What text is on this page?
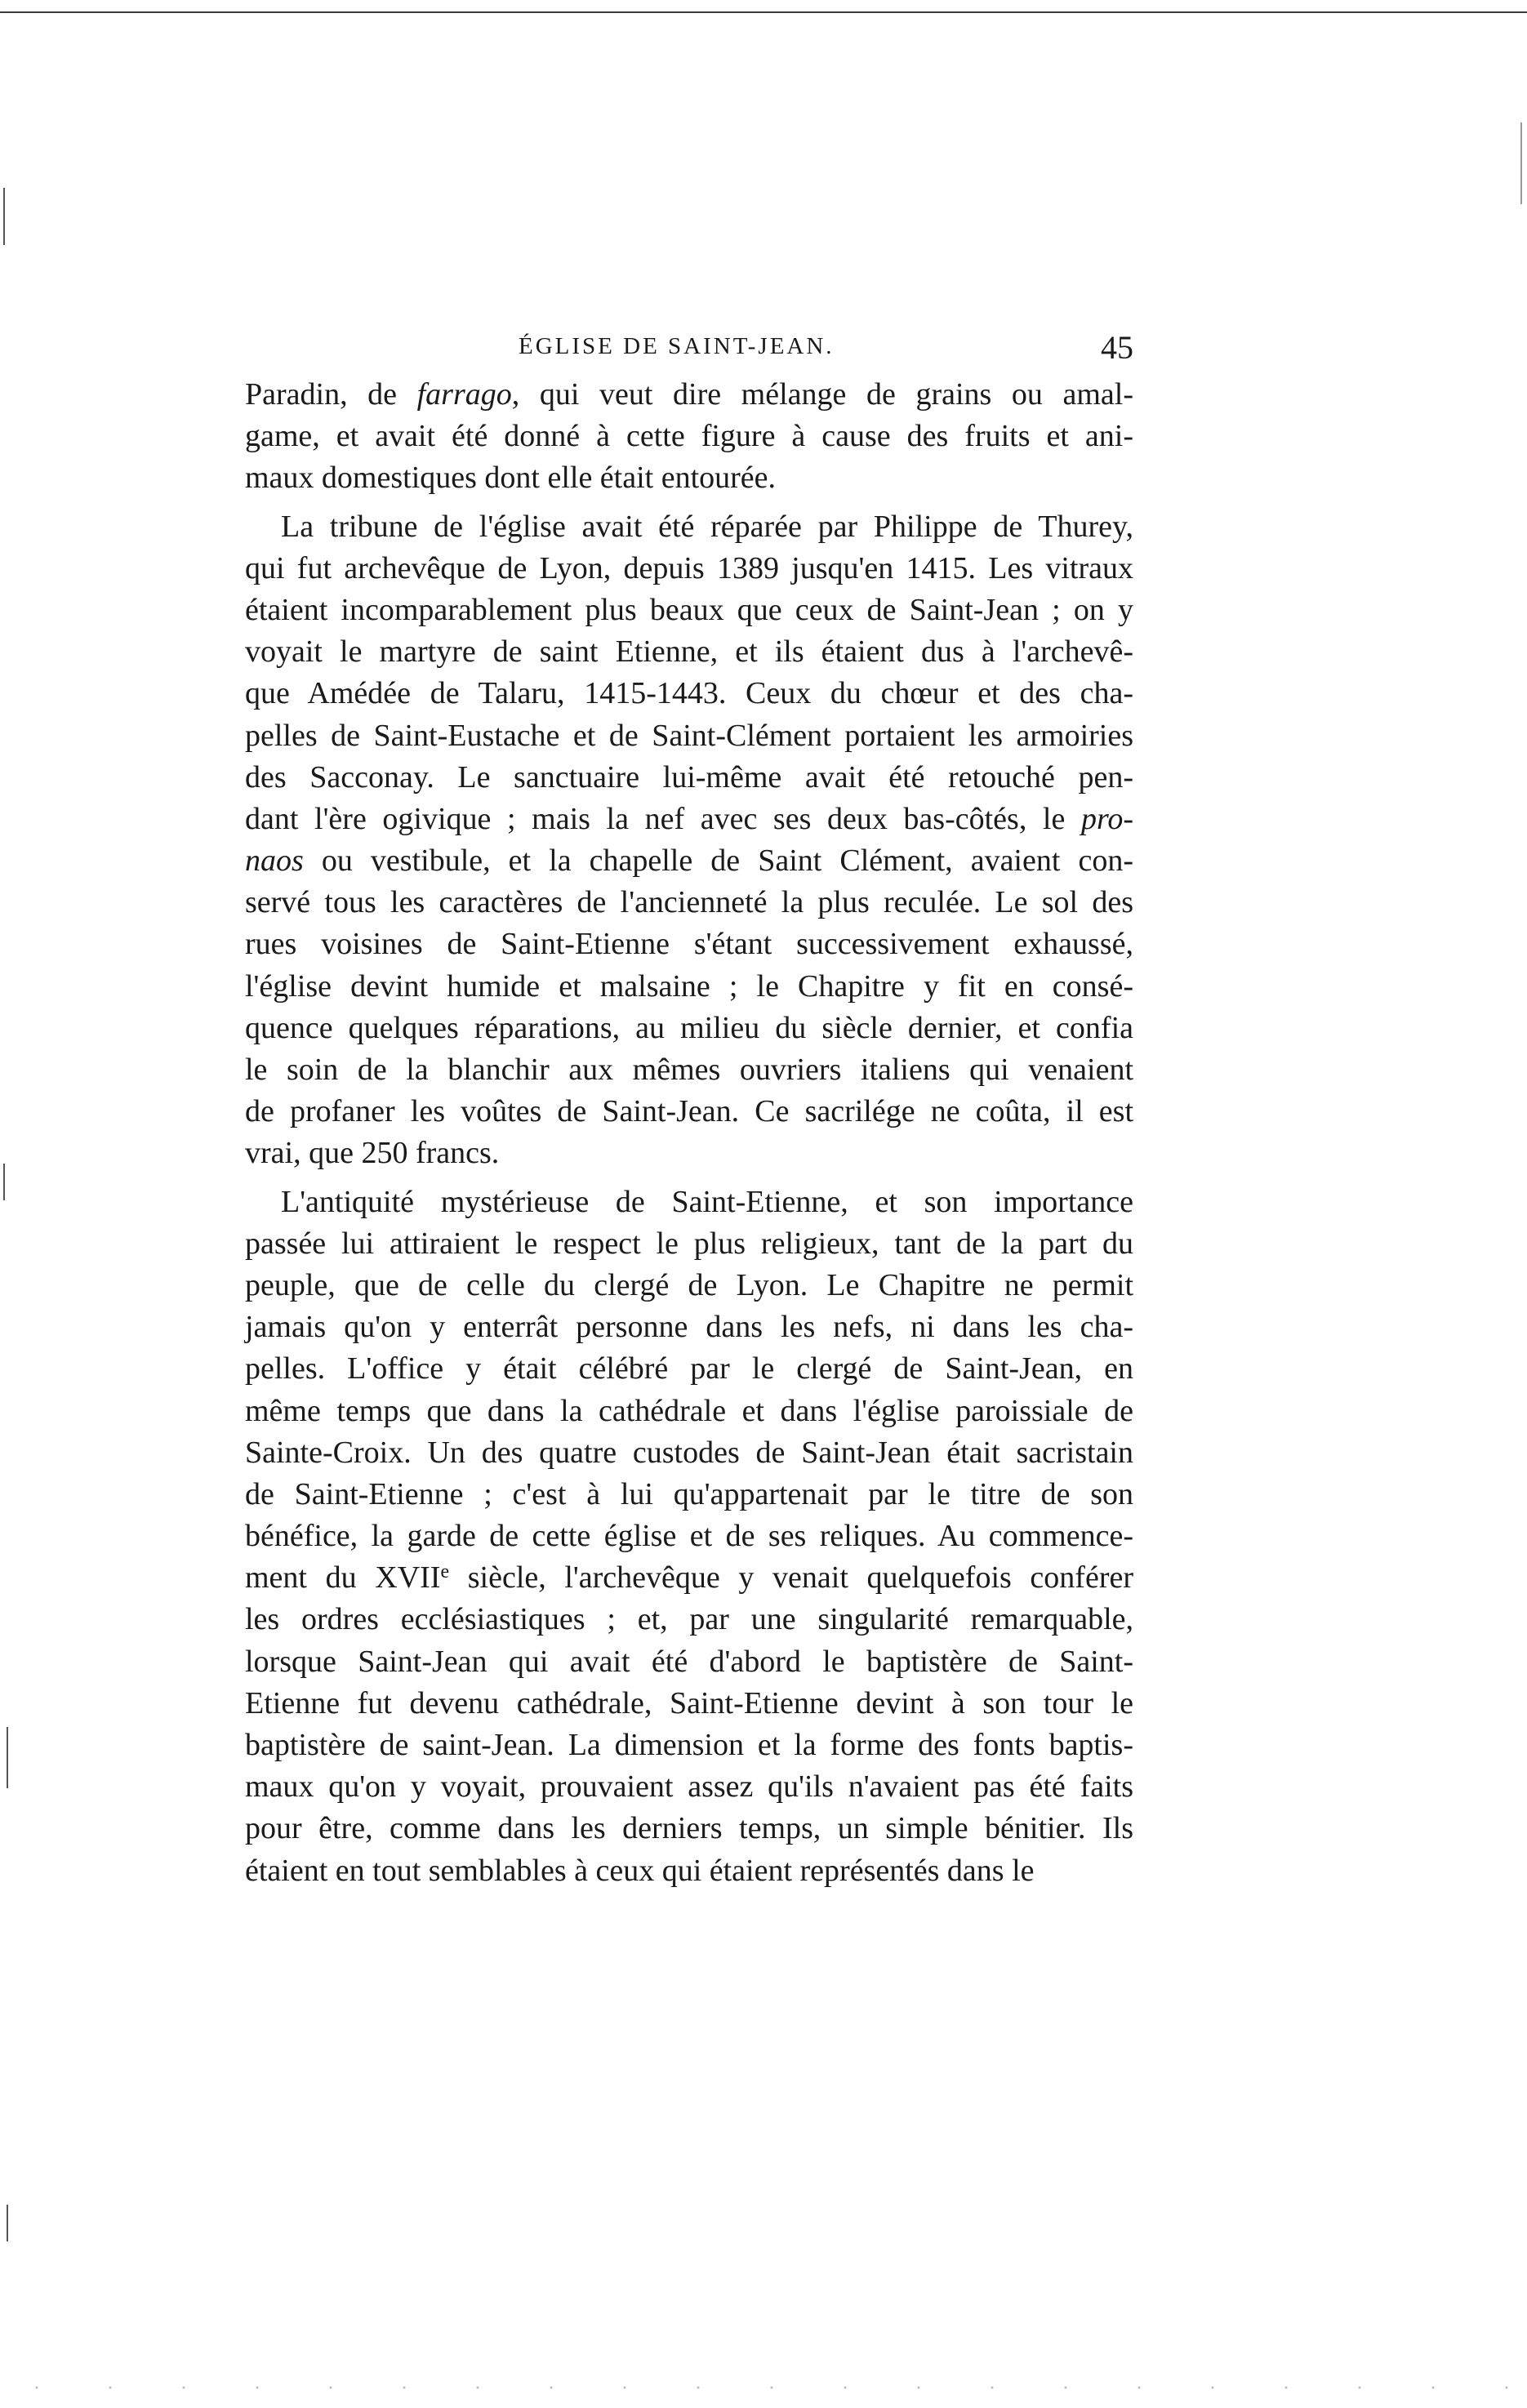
ÉGLISE DE SAINT-JEAN.	45
Paradin, de farrago, qui veut dire mélange de grains ou amal-
game, et avait été donné à cette figure à cause des fruits et ani-
maux domestiques dont elle était entourée.
La tribune de l'église avait été réparée par Philippe de Thurey,
qui fut archevêque de Lyon, depuis 1389 jusqu'en 1415. Les vitraux
étaient incomparablement plus beaux que ceux de Saint-Jean ; on y
voyait le martyre de saint Etienne, et ils étaient dus à l'archevê-
que Amédée de Talaru, 1415-1443. Ceux du chœur et des cha-
pelles de Saint-Eustache et de Saint-Clément portaient les armoiries
des Sacconay. Le sanctuaire lui-même avait été retouché pen-
dant l'ère ogivique ; mais la nef avec ses deux bas-côtés, le pro-
naos ou vestibule, et la chapelle de Saint Clément, avaient con-
servé tous les caractères de l'ancienneté la plus reculée. Le sol des
rues voisines de Saint-Etienne s'étant successivement exhaussé,
l'église devint humide et malsaine ; le Chapitre y fit en consé-
quence quelques réparations, au milieu du siècle dernier, et confia
le soin de la blanchir aux mêmes ouvriers italiens qui venaient
de profaner les voûtes de Saint-Jean. Ce sacrilége ne coûta, il est
vrai, que 250 francs.
L'antiquité mystérieuse de Saint-Etienne, et son importance
passée lui attiraient le respect le plus religieux, tant de la part du
peuple, que de celle du clergé de Lyon. Le Chapitre ne permit
jamais qu'on y enterrât personne dans les nefs, ni dans les cha-
pelles. L'office y était célébré par le clergé de Saint-Jean, en
même temps que dans la cathédrale et dans l'église paroissiale de
Sainte-Croix. Un des quatre custodes de Saint-Jean était sacristain
de Saint-Etienne ; c'est à lui qu'appartenait par le titre de son
bénéfice, la garde de cette église et de ses reliques. Au commence-
ment du XVIIe siècle, l'archevêque y venait quelquefois conférer
les ordres ecclésiastiques ; et, par une singularité remarquable,
lorsque Saint-Jean qui avait été d'abord le baptistère de Saint-
Etienne fut devenu cathédrale, Saint-Etienne devint à son tour le
baptistère de saint-Jean. La dimension et la forme des fonts baptis-
maux qu'on y voyait, prouvaient assez qu'ils n'avaient pas été faits
pour être, comme dans les derniers temps, un simple bénitier. Ils
étaient en tout semblables à ceux qui étaient représentés dans le
